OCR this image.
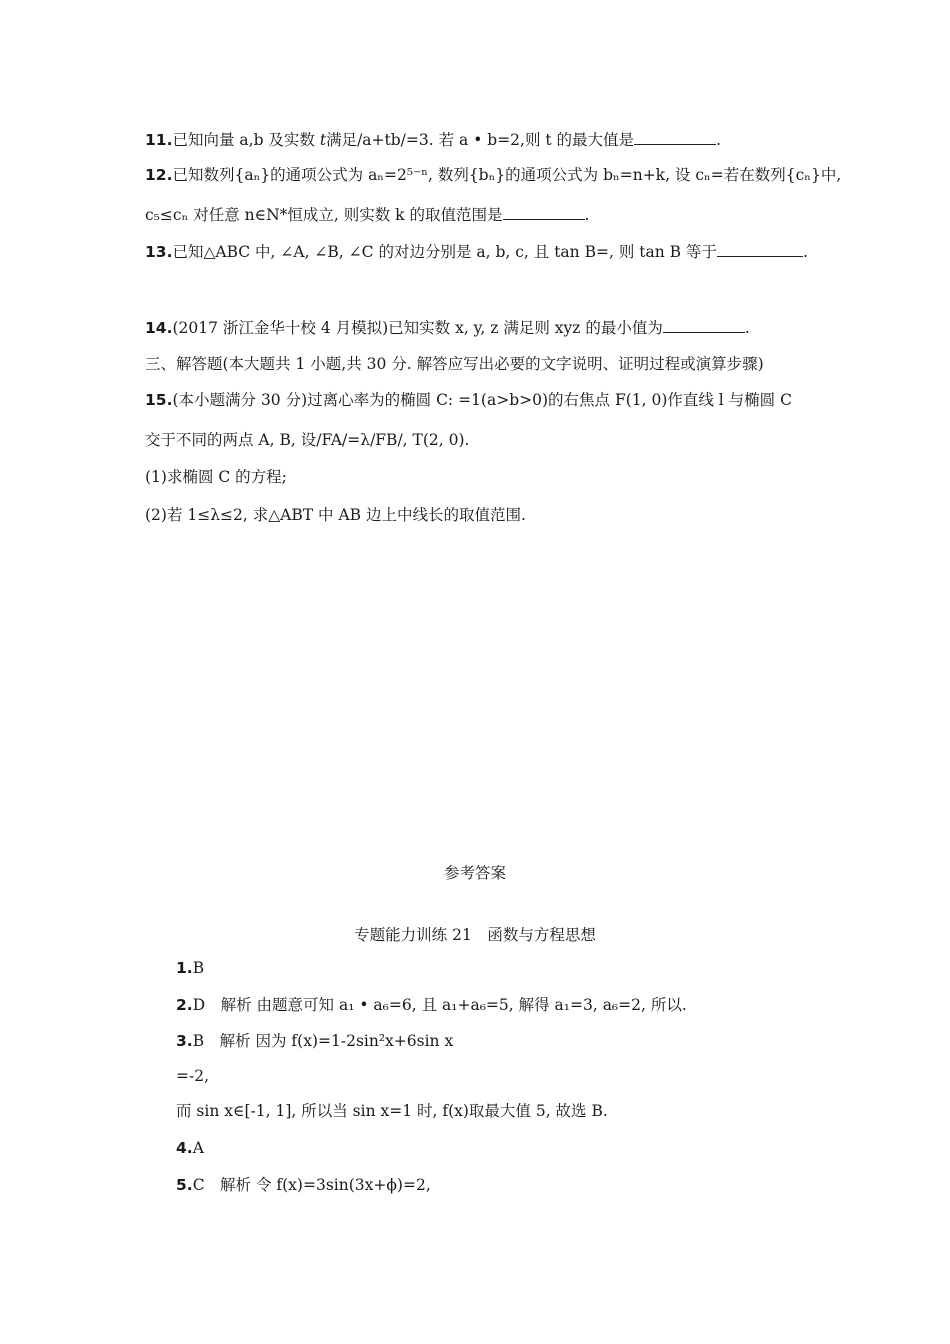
11.已知向量 a,b 及实数 t满足/a+tb/=3. 若 a • b=2,则 t 的最大值是	.
12.已知数列{aₙ}的通项公式为 aₙ=2⁵⁻ⁿ, 数列{bₙ}的通项公式为 bₙ=n+k, 设 cₙ=若在数列{cₙ}中,
c₅≤cₙ 对任意 n∈N*恒成立, 则实数 k 的取值范围是	.
13.已知△ABC 中, ∠A, ∠B, ∠C 的对边分别是 a, b, c, 且 tan B=, 则 tan B 等于	.
14.(2017 浙江金华十校 4 月模拟)已知实数 x, y, z 满足则 xyz 的最小值为	.
三、解答题(本大题共 1 小题,共 30 分. 解答应写出必要的文字说明、证明过程或演算步骤)
15.(本小题满分 30 分)过离心率为的椭圆 C: =1(a>b>0)的右焦点 F(1, 0)作直线 l 与椭圆 C
交于不同的两点 A, B, 设/FA/=λ/FB/, T(2, 0).
(1)求椭圆 C 的方程;
(2)若 1≤λ≤2, 求△ABT 中 AB 边上中线长的取值范围.
参考答案
专题能力训练 21　函数与方程思想
1.B
2.D　解析 由题意可知 a₁ • a₆=6, 且 a₁+a₆=5, 解得 a₁=3, a₆=2, 所以.
3.B　解析 因为 f(x)=1-2sin²x+6sin x
=-2,
而 sin x∈[-1, 1], 所以当 sin x=1 时, f(x)取最大值 5, 故选 B.
4.A
5.C　解析 令 f(x)=3sin(3x+ϕ)=2,
